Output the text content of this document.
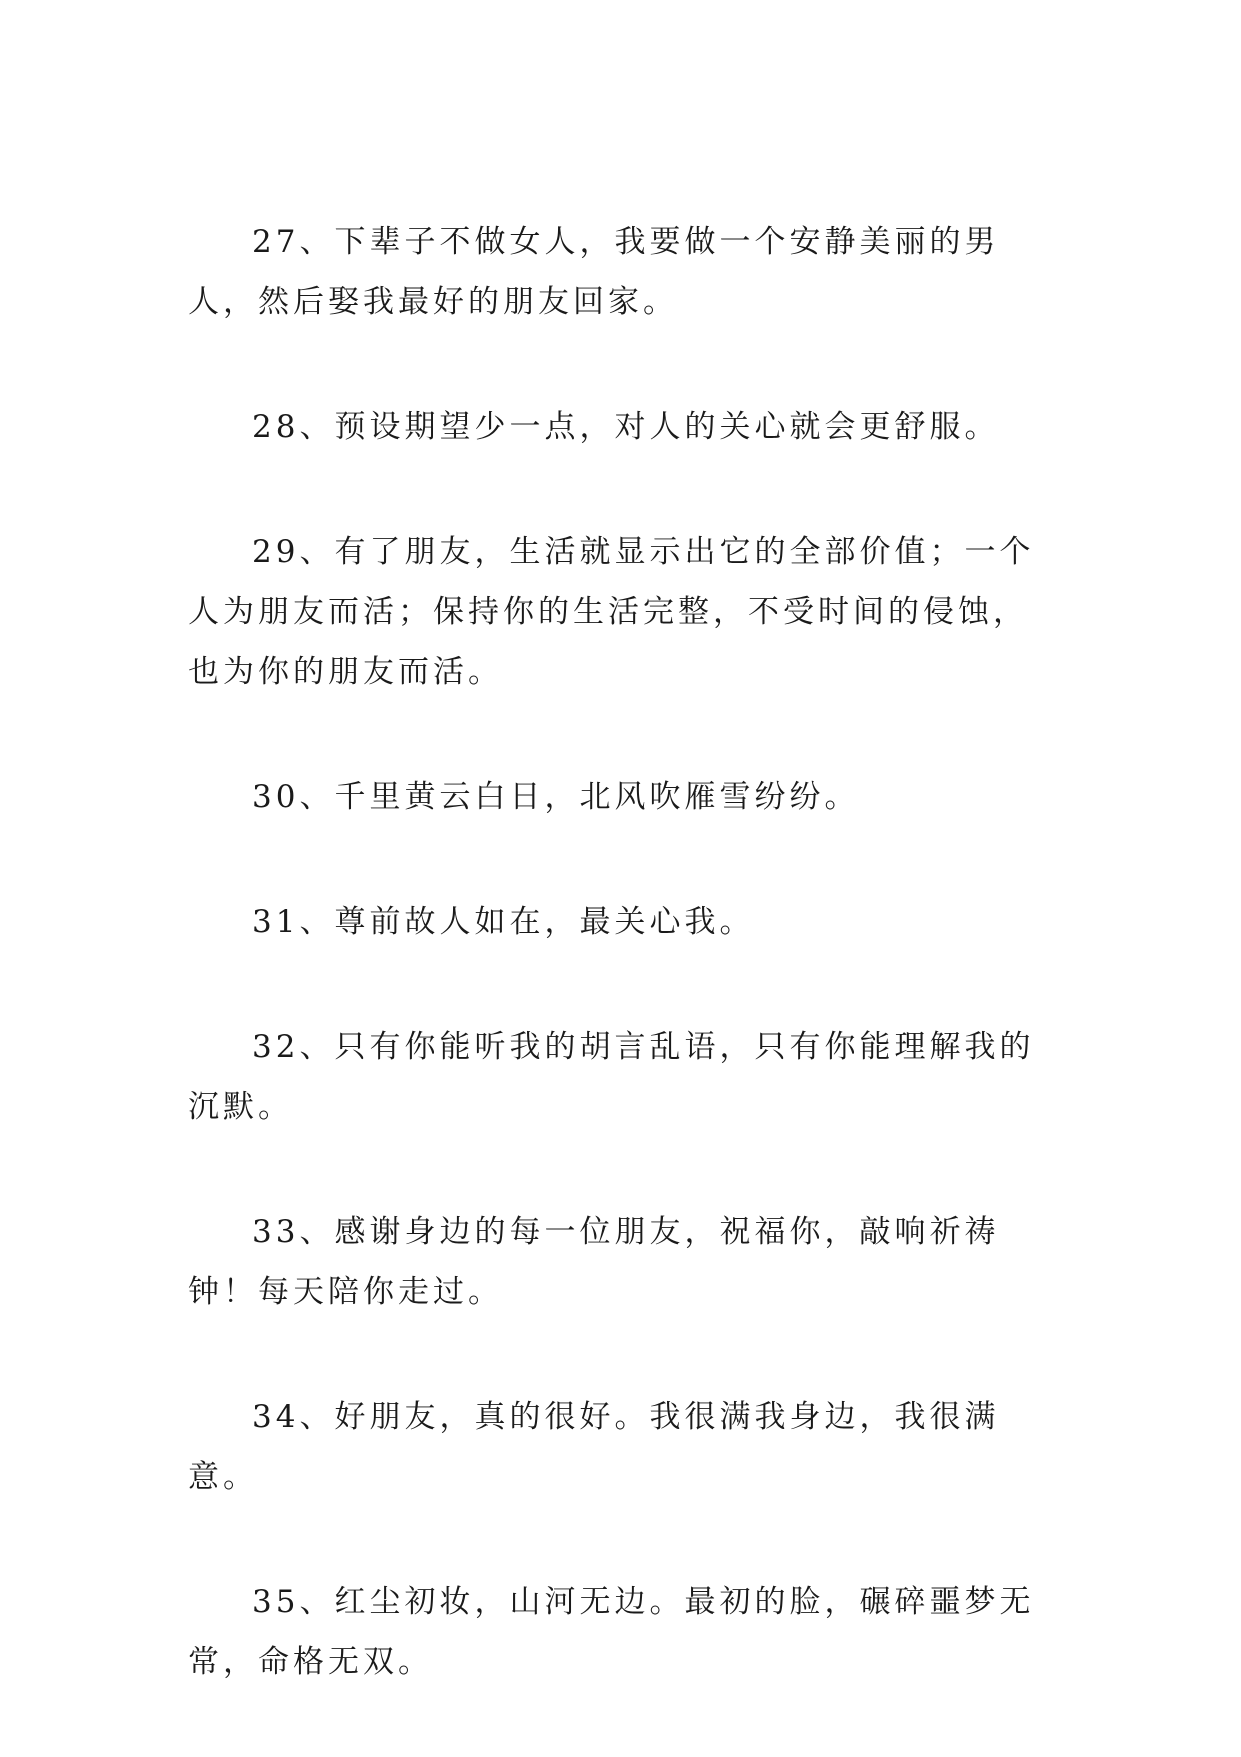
27、下辈子不做女人，我要做一个安静美丽的男人，然后娶我最好的朋友回家。

28、预设期望少一点，对人的关心就会更舒服。

29、有了朋友，生活就显示出它的全部价值；一个人为朋友而活；保持你的生活完整，不受时间的侵蚀，也为你的朋友而活。

30、千里黄云白日，北风吹雁雪纷纷。

31、尊前故人如在，最关心我。

32、只有你能听我的胡言乱语，只有你能理解我的沉默。

33、感谢身边的每一位朋友，祝福你，敲响祈祷钟！每天陪你走过。

34、好朋友，真的很好。我很满我身边，我很满意。

35、红尘初妆，山河无边。最初的脸，碾碎噩梦无常，命格无双。
